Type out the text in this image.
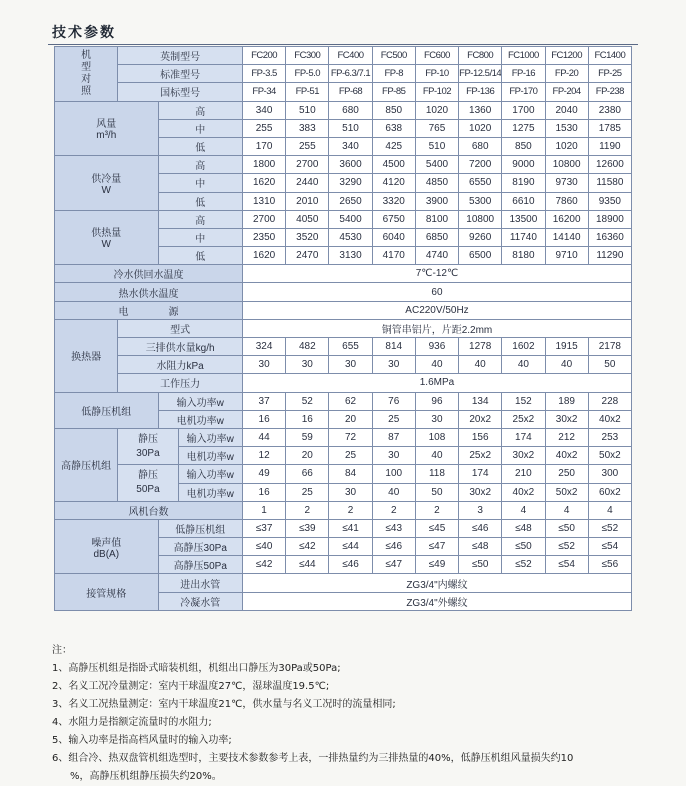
技术参数
机
型
对
照	英制型号			FC200	FC300	FC400	FC500	FC600	FC800	FC1000	FC1200	FC1400
	标准型号			FP-3.5	FP-5.0	FP-6.3/7.1	FP-8	FP-10	FP-12.5/14	FP-16	FP-20	FP-25
	国标型号			FP-34	FP-51	FP-68	FP-85	FP-102	FP-136	FP-170	FP-204	FP-238
风量
m³/h		高		340	510	680	850	1020	1360	1700	2040	2380
		中		255	383	510	638	765	1020	1275	1530	1785
		低		170	255	340	425	510	680	850	1020	1190
供冷量
W		高		1800	2700	3600	4500	5400	7200	9000	10800	12600
		中		1620	2440	3290	4120	4850	6550	8190	9730	11580
		低		1310	2010	2650	3320	3900	5300	6610	7860	9350
供热量
W		高		2700	4050	5400	6750	8100	10800	13500	16200	18900
		中		2350	3520	4530	6040	6850	9260	11740	14140	16360
		低		1620	2470	3130	4170	4740	6500	8180	9710	11290
冷水供回水温度				7℃-12℃								
热水供水温度				60								
电　　　　源				AC220V/50Hz								
换热器	型式			铜管串铝片，片距2.2mm								
	三排供水量kg/h			324	482	655	814	936	1278	1602	1915	2178
	水阻力kPa			30	30	30	30	40	40	40	40	50
	工作压力			1.6MPa								
低静压机组		输入功率w		37	52	62	76	96	134	152	189	228
		电机功率w		16	16	20	25	30	20x2	25x2	30x2	40x2
高静压机组	静压30Pa		输入功率w	44	59	72	87	108	156	174	212	253
			电机功率w	12	20	25	30	40	25x2	30x2	40x2	50x2
	静压50Pa		输入功率w	49	66	84	100	118	174	210	250	300
			电机功率w	16	25	30	40	50	30x2	40x2	50x2	60x2
风机台数				1	2	2	2	2	3	4	4	4
噪声值
dB(A)		低静压机组		≤37	≤39	≤41	≤43	≤45	≤46	≤48	≤50	≤52
		高静压30Pa		≤40	≤42	≤44	≤46	≤47	≤48	≤50	≤52	≤54
		高静压50Pa		≤42	≤44	≤46	≤47	≤49	≤50	≤52	≤54	≤56
接管规格		进出水管		ZG3/4"内螺纹								
		冷凝水管		ZG3/4"外螺纹								

注：

1、高静压机组是指卧式暗装机组，机组出口静压为30Pa或50Pa;

2、名义工况冷量测定：室内干球温度27℃，湿球温度19.5℃;

3、名义工况热量测定：室内干球温度21℃，供水量与名义工况时的流量相同;

4、水阻力是指额定流量时的水阻力;

5、输入功率是指高档风量时的输入功率;

6、组合冷、热双盘管机组选型时，主要技术参数参考上表，一排热量约为三排热量的40%，低静压机组风量损失约10

%，高静压机组静压损失约20%。
